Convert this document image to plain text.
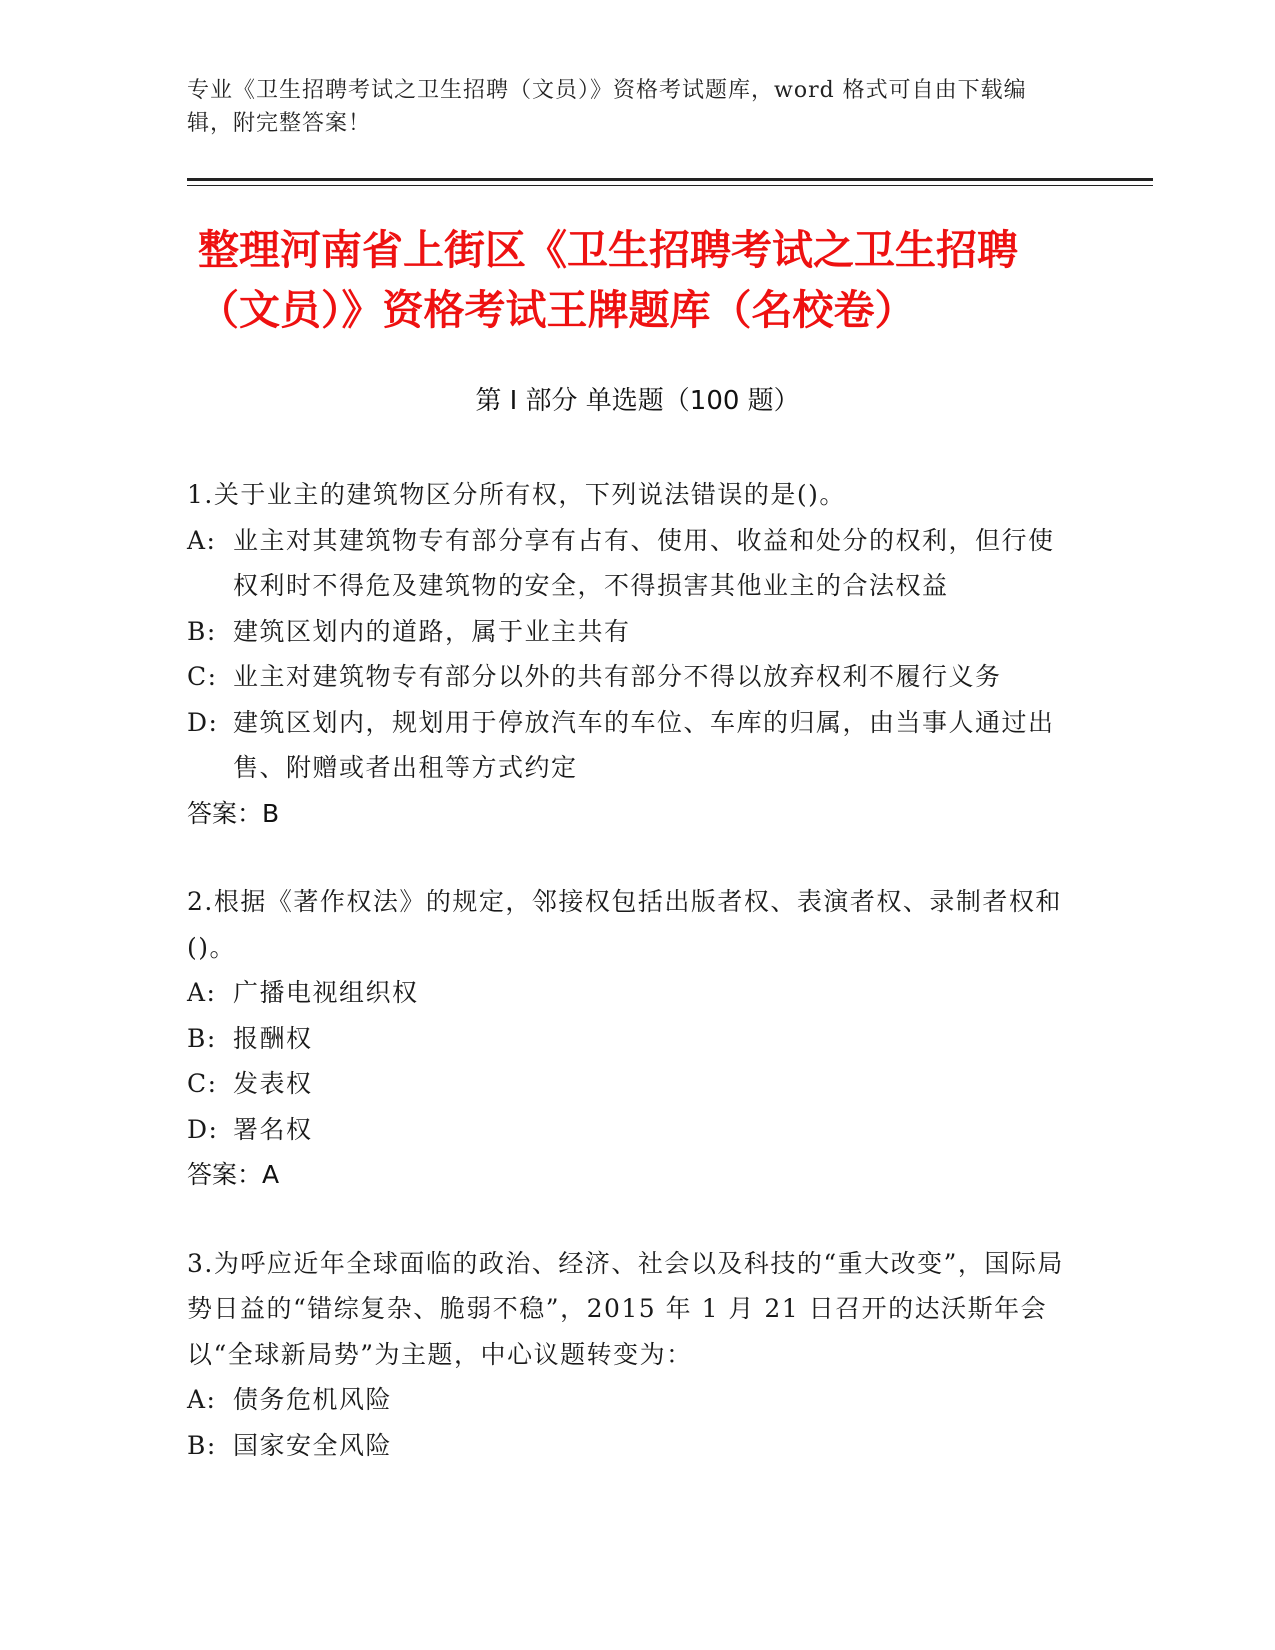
专业《卫生招聘考试之卫生招聘（文员）》资格考试题库，word 格式可自由下载编辑，附完整答案！
整理河南省上街区《卫生招聘考试之卫生招聘（文员）》资格考试王牌题库（名校卷）
第 I 部分 单选题（100 题）
1.关于业主的建筑物区分所有权，下列说法错误的是()。
A: 业主对其建筑物专有部分享有占有、使用、收益和处分的权利，但行使权利时不得危及建筑物的安全，不得损害其他业主的合法权益
B: 建筑区划内的道路，属于业主共有
C: 业主对建筑物专有部分以外的共有部分不得以放弃权利不履行义务
D: 建筑区划内，规划用于停放汽车的车位、车库的归属，由当事人通过出售、附赠或者出租等方式约定
答案：B
2.根据《著作权法》的规定，邻接权包括出版者权、表演者权、录制者权和()。
A: 广播电视组织权
B: 报酬权
C: 发表权
D: 署名权
答案：A
3.为呼应近年全球面临的政治、经济、社会以及科技的“重大改变”，国际局势日益的“错综复杂、脆弱不稳”，2015 年 1 月 21 日召开的达沃斯年会以“全球新局势”为主题，中心议题转变为：
A: 债务危机风险
B: 国家安全风险
